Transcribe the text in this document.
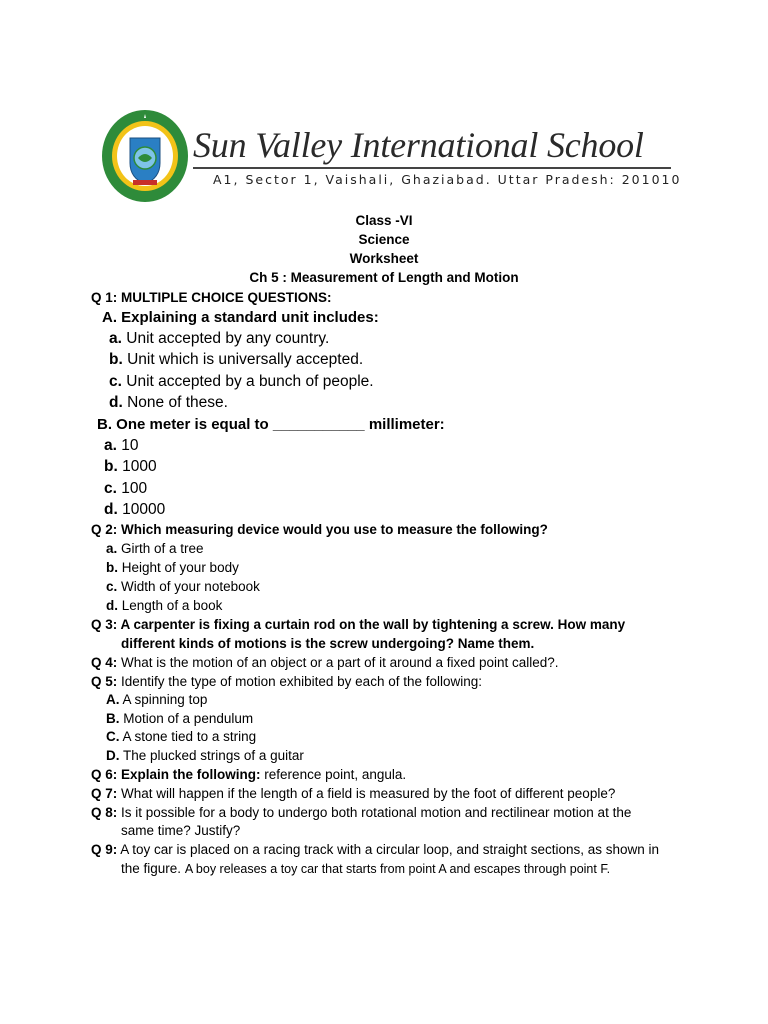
Sun Valley International School
A1, Sector 1, Vaishali, Ghaziabad. Uttar Pradesh: 201010
Class -VI
Science
Worksheet
Ch 5 : Measurement of Length and Motion
Q 1: MULTIPLE CHOICE QUESTIONS:
A. Explaining a standard unit includes:
a. Unit accepted by any country.
b. Unit which is universally accepted.
c. Unit accepted by a bunch of people.
d. None of these.
B. One meter is equal to ___________ millimeter:
a. 10
b. 1000
c. 100
d. 10000
Q 2: Which measuring device would you use to measure the following?
a. Girth of a tree
b. Height of your body
c. Width of your notebook
d. Length of a book
Q 3: A carpenter is fixing a curtain rod on the wall by tightening a screw. How many
different kinds of motions is the screw undergoing? Name them.
Q 4: What is the motion of an object or a part of it around a fixed point called?.
Q 5: Identify the type of motion exhibited by each of the following:
A. A spinning top
B. Motion of a pendulum
C. A stone tied to a string
D. The plucked strings of a guitar
Q 6: Explain the following: reference point, angula.
Q 7: What will happen if the length of a field is measured by the foot of different people?
Q 8: Is it possible for a body to undergo both rotational motion and rectilinear motion at the
same time? Justify?
Q 9: A toy car is placed on a racing track with a circular loop, and straight sections, as shown in
the figure. A boy releases a toy car that starts from point A and escapes through point F.
